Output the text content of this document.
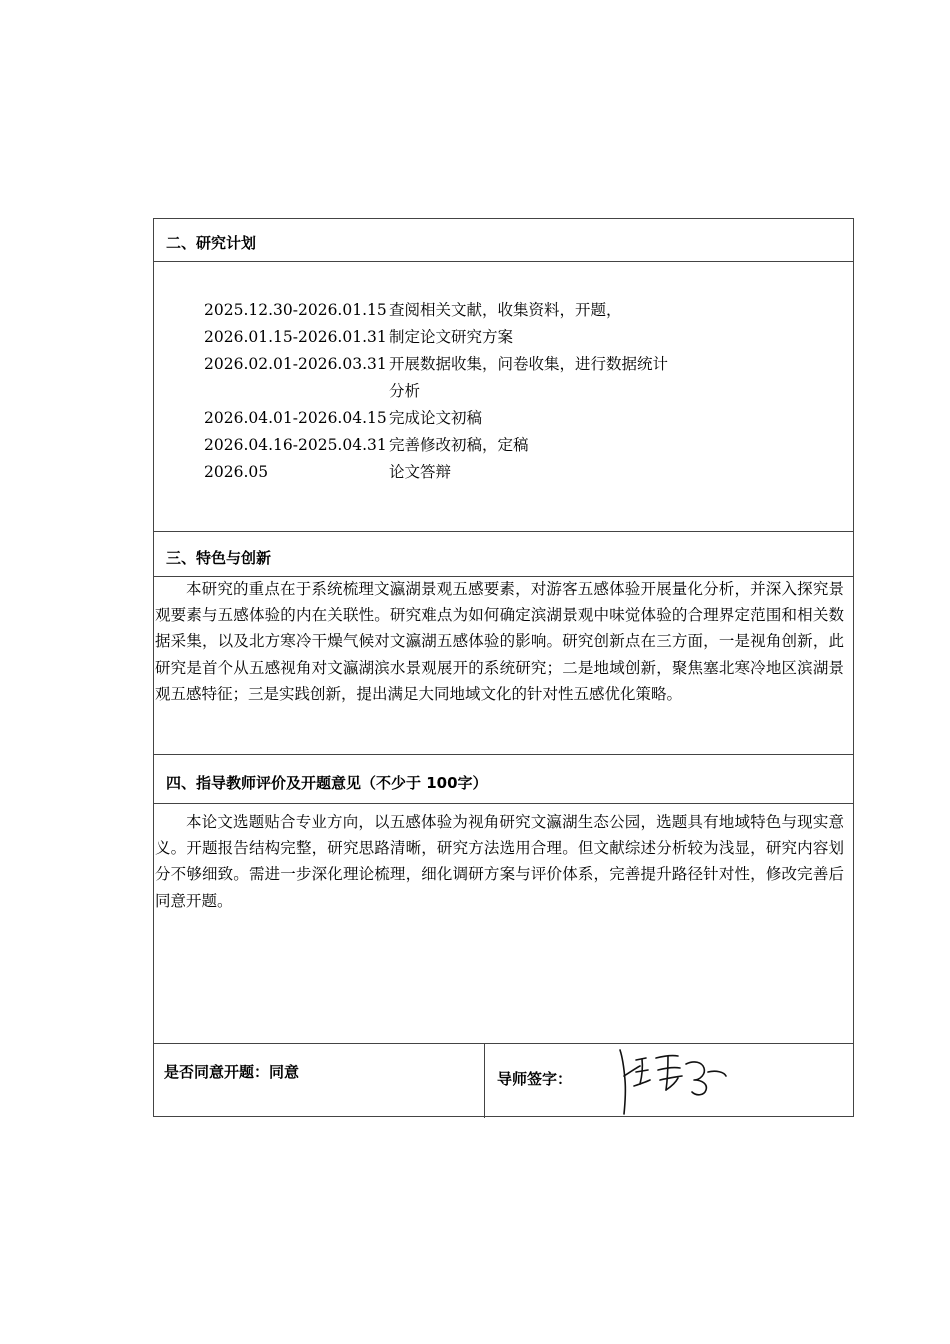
二、研究计划
2025.12.30-2026.01.15 查阅相关文献，收集资料，开题，
2026.01.15-2026.01.31 制定论文研究方案
2026.02.01-2026.03.31 开展数据收集，问卷收集，进行数据统计分析
2026.04.01-2026.04.15 完成论文初稿
2026.04.16-2025.04.31 完善修改初稿，定稿
2026.05	论文答辩
三、特色与创新
本研究的重点在于系统梳理文瀛湖景观五感要素，对游客五感体验开展量化分析，并深入探究景观要素与五感体验的内在关联性。研究难点为如何确定滨湖景观中味觉体验的合理界定范围和相关数据采集，以及北方寒冷干燥气候对文瀛湖五感体验的影响。研究创新点在三方面，一是视角创新，此研究是首个从五感视角对文瀛湖滨水景观展开的系统研究；二是地域创新，聚焦塞北寒冷地区滨湖景观五感特征；三是实践创新，提出满足大同地域文化的针对性五感优化策略。
四、指导教师评价及开题意见（不少于 100字）
本论文选题贴合专业方向，以五感体验为视角研究文瀛湖生态公园，选题具有地域特色与现实意义。开题报告结构完整，研究思路清晰，研究方法选用合理。但文献综述分析较为浅显，研究内容划分不够细致。需进一步深化理论梳理，细化调研方案与评价体系，完善提升路径针对性，修改完善后同意开题。
是否同意开题：同意	导师签字：
